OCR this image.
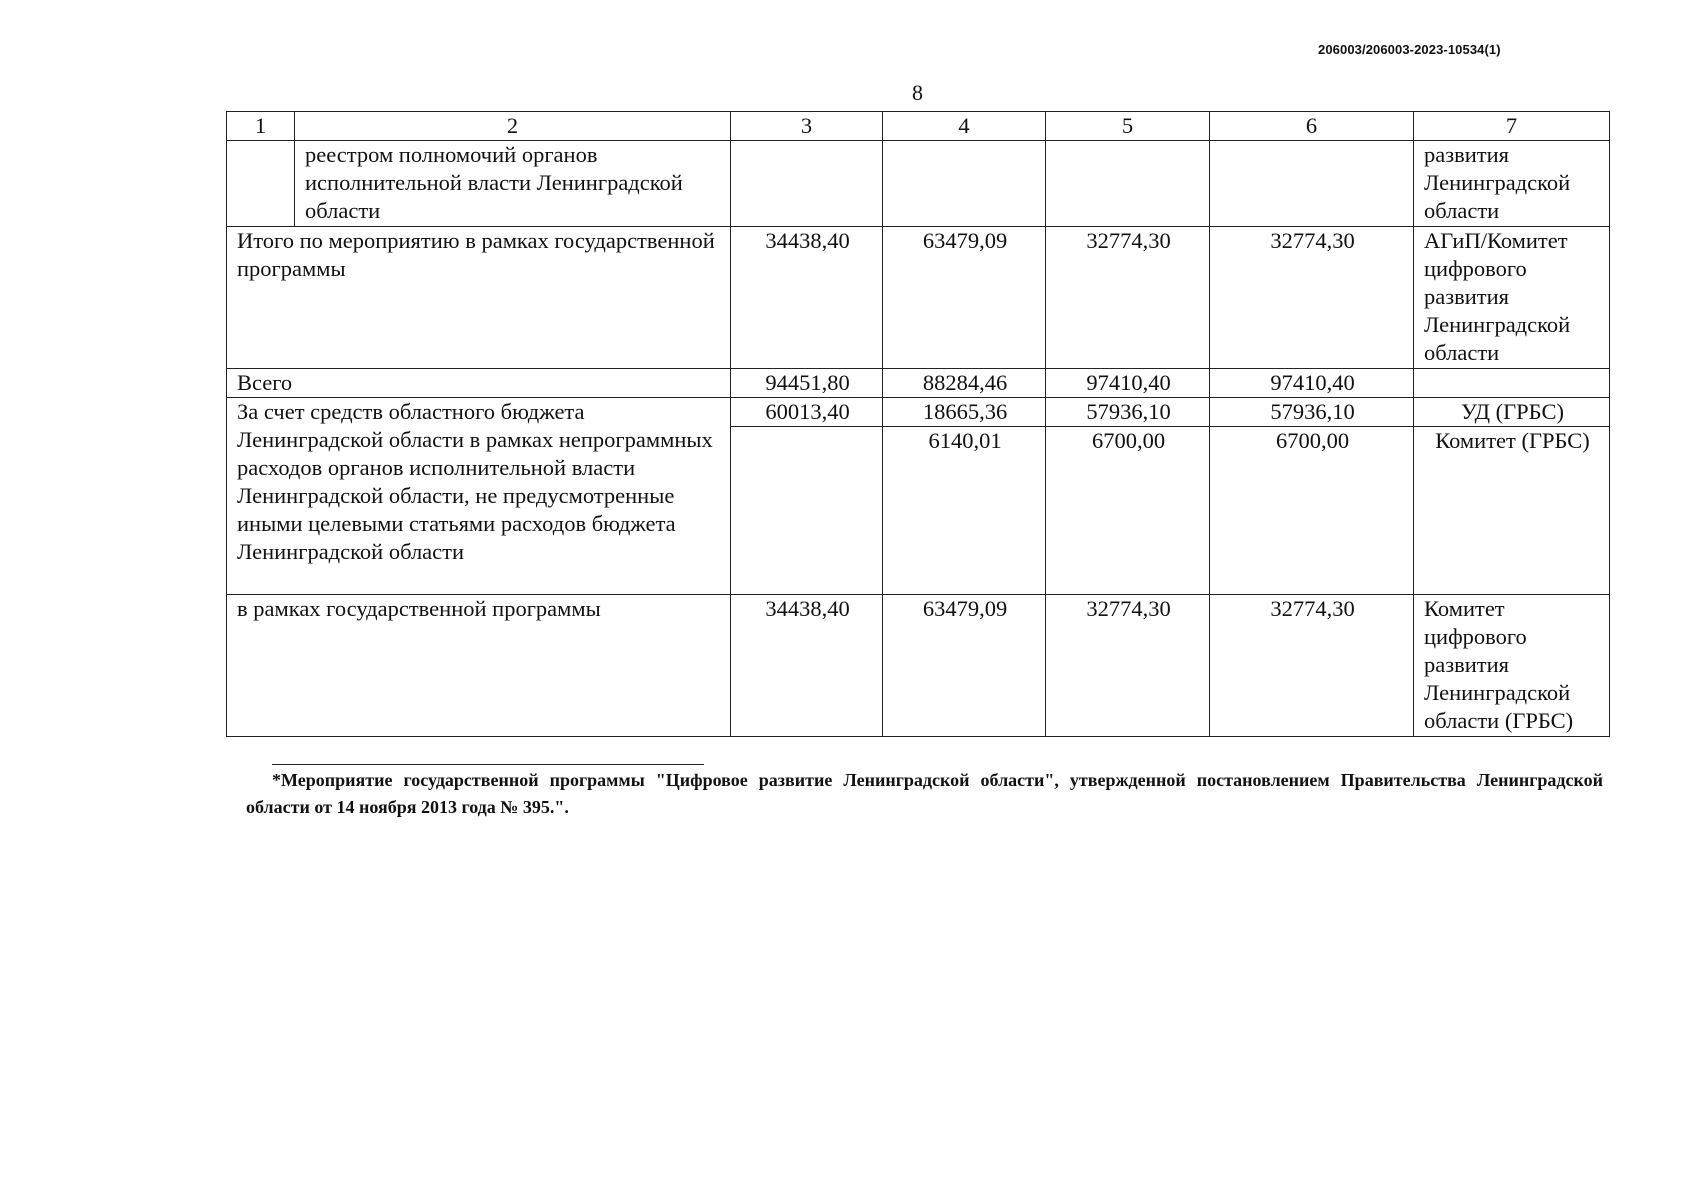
206003/206003-2023-10534(1)
8
1	2	3	4	5	6	7
	реестром полномочий органов исполнительной власти Ленинградской области					развития Ленинградской области
Итого по мероприятию в рамках государственной программы		34438,40	63479,09	32774,30	32774,30	АГиП/Комитет цифрового развития Ленинградской области
Всего		94451,80	88284,46	97410,40	97410,40	
За счет средств областного бюджета Ленинградской области в рамках непрограммных расходов органов исполнительной власти Ленинградской области, не предусмотренные иными целевыми статьями расходов бюджета Ленинградской области		60013,40	18665,36	57936,10	57936,10	УД (ГРБС)
			6140,01	6700,00	6700,00	Комитет (ГРБС)
в рамках государственной программы		34438,40	63479,09	32774,30	32774,30	Комитет цифрового развития Ленинградской области (ГРБС)
*Мероприятие государственной программы "Цифровое развитие Ленинградской области", утвержденной постановлением Правительства Ленинградской области от 14 ноября 2013 года № 395.".
